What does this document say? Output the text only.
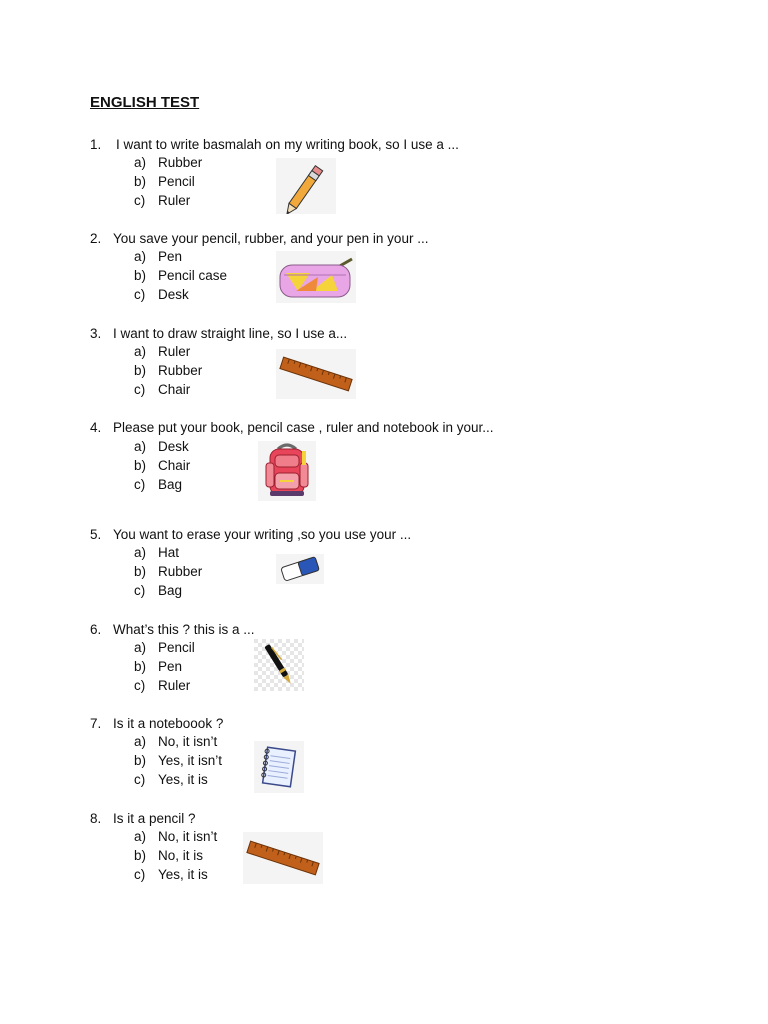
ENGLISH TEST
1. I want to write basmalah on my writing book, so I use a ...
a) Rubber
b) Pencil
c) Ruler
2. You save your pencil, rubber, and your pen in your ...
a) Pen
b) Pencil case
c) Desk
3. I want to draw straight line, so I use a...
a) Ruler
b) Rubber
c) Chair
4. Please put your book, pencil case , ruler and notebook in your...
a) Desk
b) Chair
c) Bag
5. You want to erase your writing ,so you use your ...
a) Hat
b) Rubber
c) Bag
6. What’s this ? this is a ...
a) Pencil
b) Pen
c) Ruler
7. Is it a noteboook ?
a) No, it isn’t
b) Yes, it isn’t
c) Yes, it is
8. Is it a pencil ?
a) No, it isn’t
b) No, it is
c) Yes, it is
